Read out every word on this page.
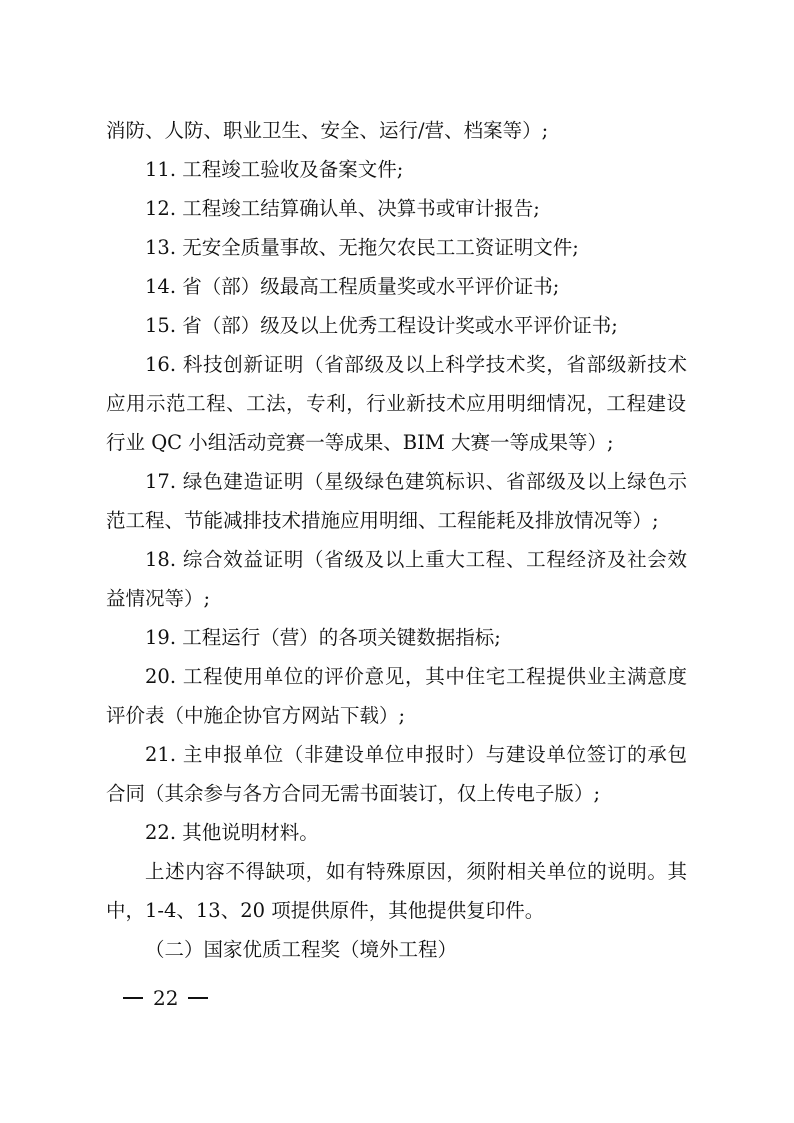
消防、人防、职业卫生、安全、运行/营、档案等）;

11. 工程竣工验收及备案文件;

12. 工程竣工结算确认单、决算书或审计报告;

13. 无安全质量事故、无拖欠农民工工资证明文件;

14. 省（部）级最高工程质量奖或水平评价证书;

15. 省（部）级及以上优秀工程设计奖或水平评价证书;

16. 科技创新证明（省部级及以上科学技术奖，省部级新技术

应用示范工程、工法，专利，行业新技术应用明细情况，工程建设

行业 QC 小组活动竞赛一等成果、BIM 大赛一等成果等）;

17. 绿色建造证明（星级绿色建筑标识、省部级及以上绿色示

范工程、节能减排技术措施应用明细、工程能耗及排放情况等）;

18. 综合效益证明（省级及以上重大工程、工程经济及社会效

益情况等）;

19. 工程运行（营）的各项关键数据指标;

20. 工程使用单位的评价意见，其中住宅工程提供业主满意度

评价表（中施企协官方网站下载）;

21. 主申报单位（非建设单位申报时）与建设单位签订的承包

合同（其余参与各方合同无需书面装订，仅上传电子版）;

22. 其他说明材料。

上述内容不得缺项，如有特殊原因，须附相关单位的说明。其

中，1-4、13、20 项提供原件，其他提供复印件。

（二）国家优质工程奖（境外工程）

22
